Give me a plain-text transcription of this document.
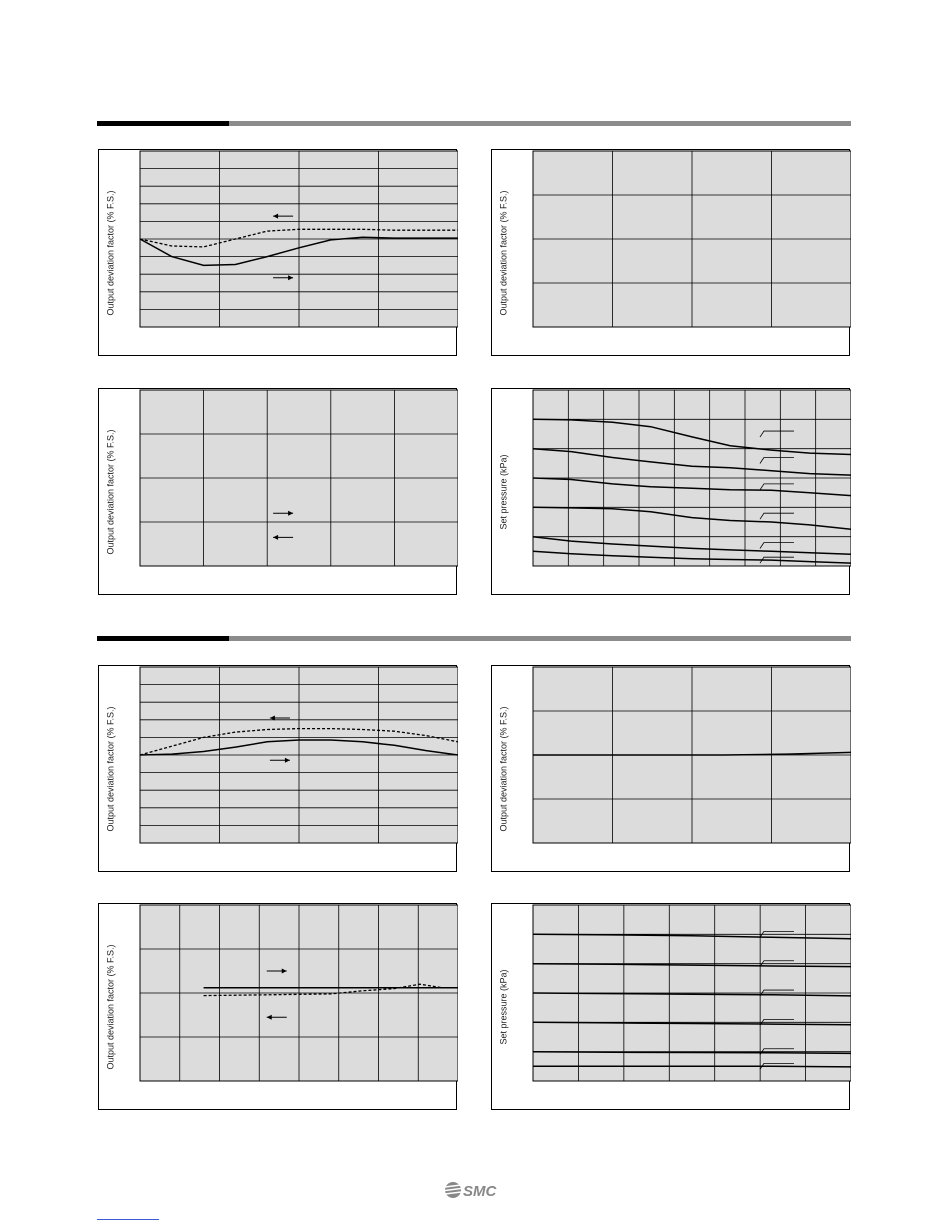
Output deviation factor (% F.S.)	Output deviation factor (% F.S.)
Output deviation factor (% F.S.)	Set pressure (kPa)
Output deviation factor (% F.S.)	Output deviation factor (% F.S.)
Output deviation factor (% F.S.)	Set pressure (kPa)
SMC
